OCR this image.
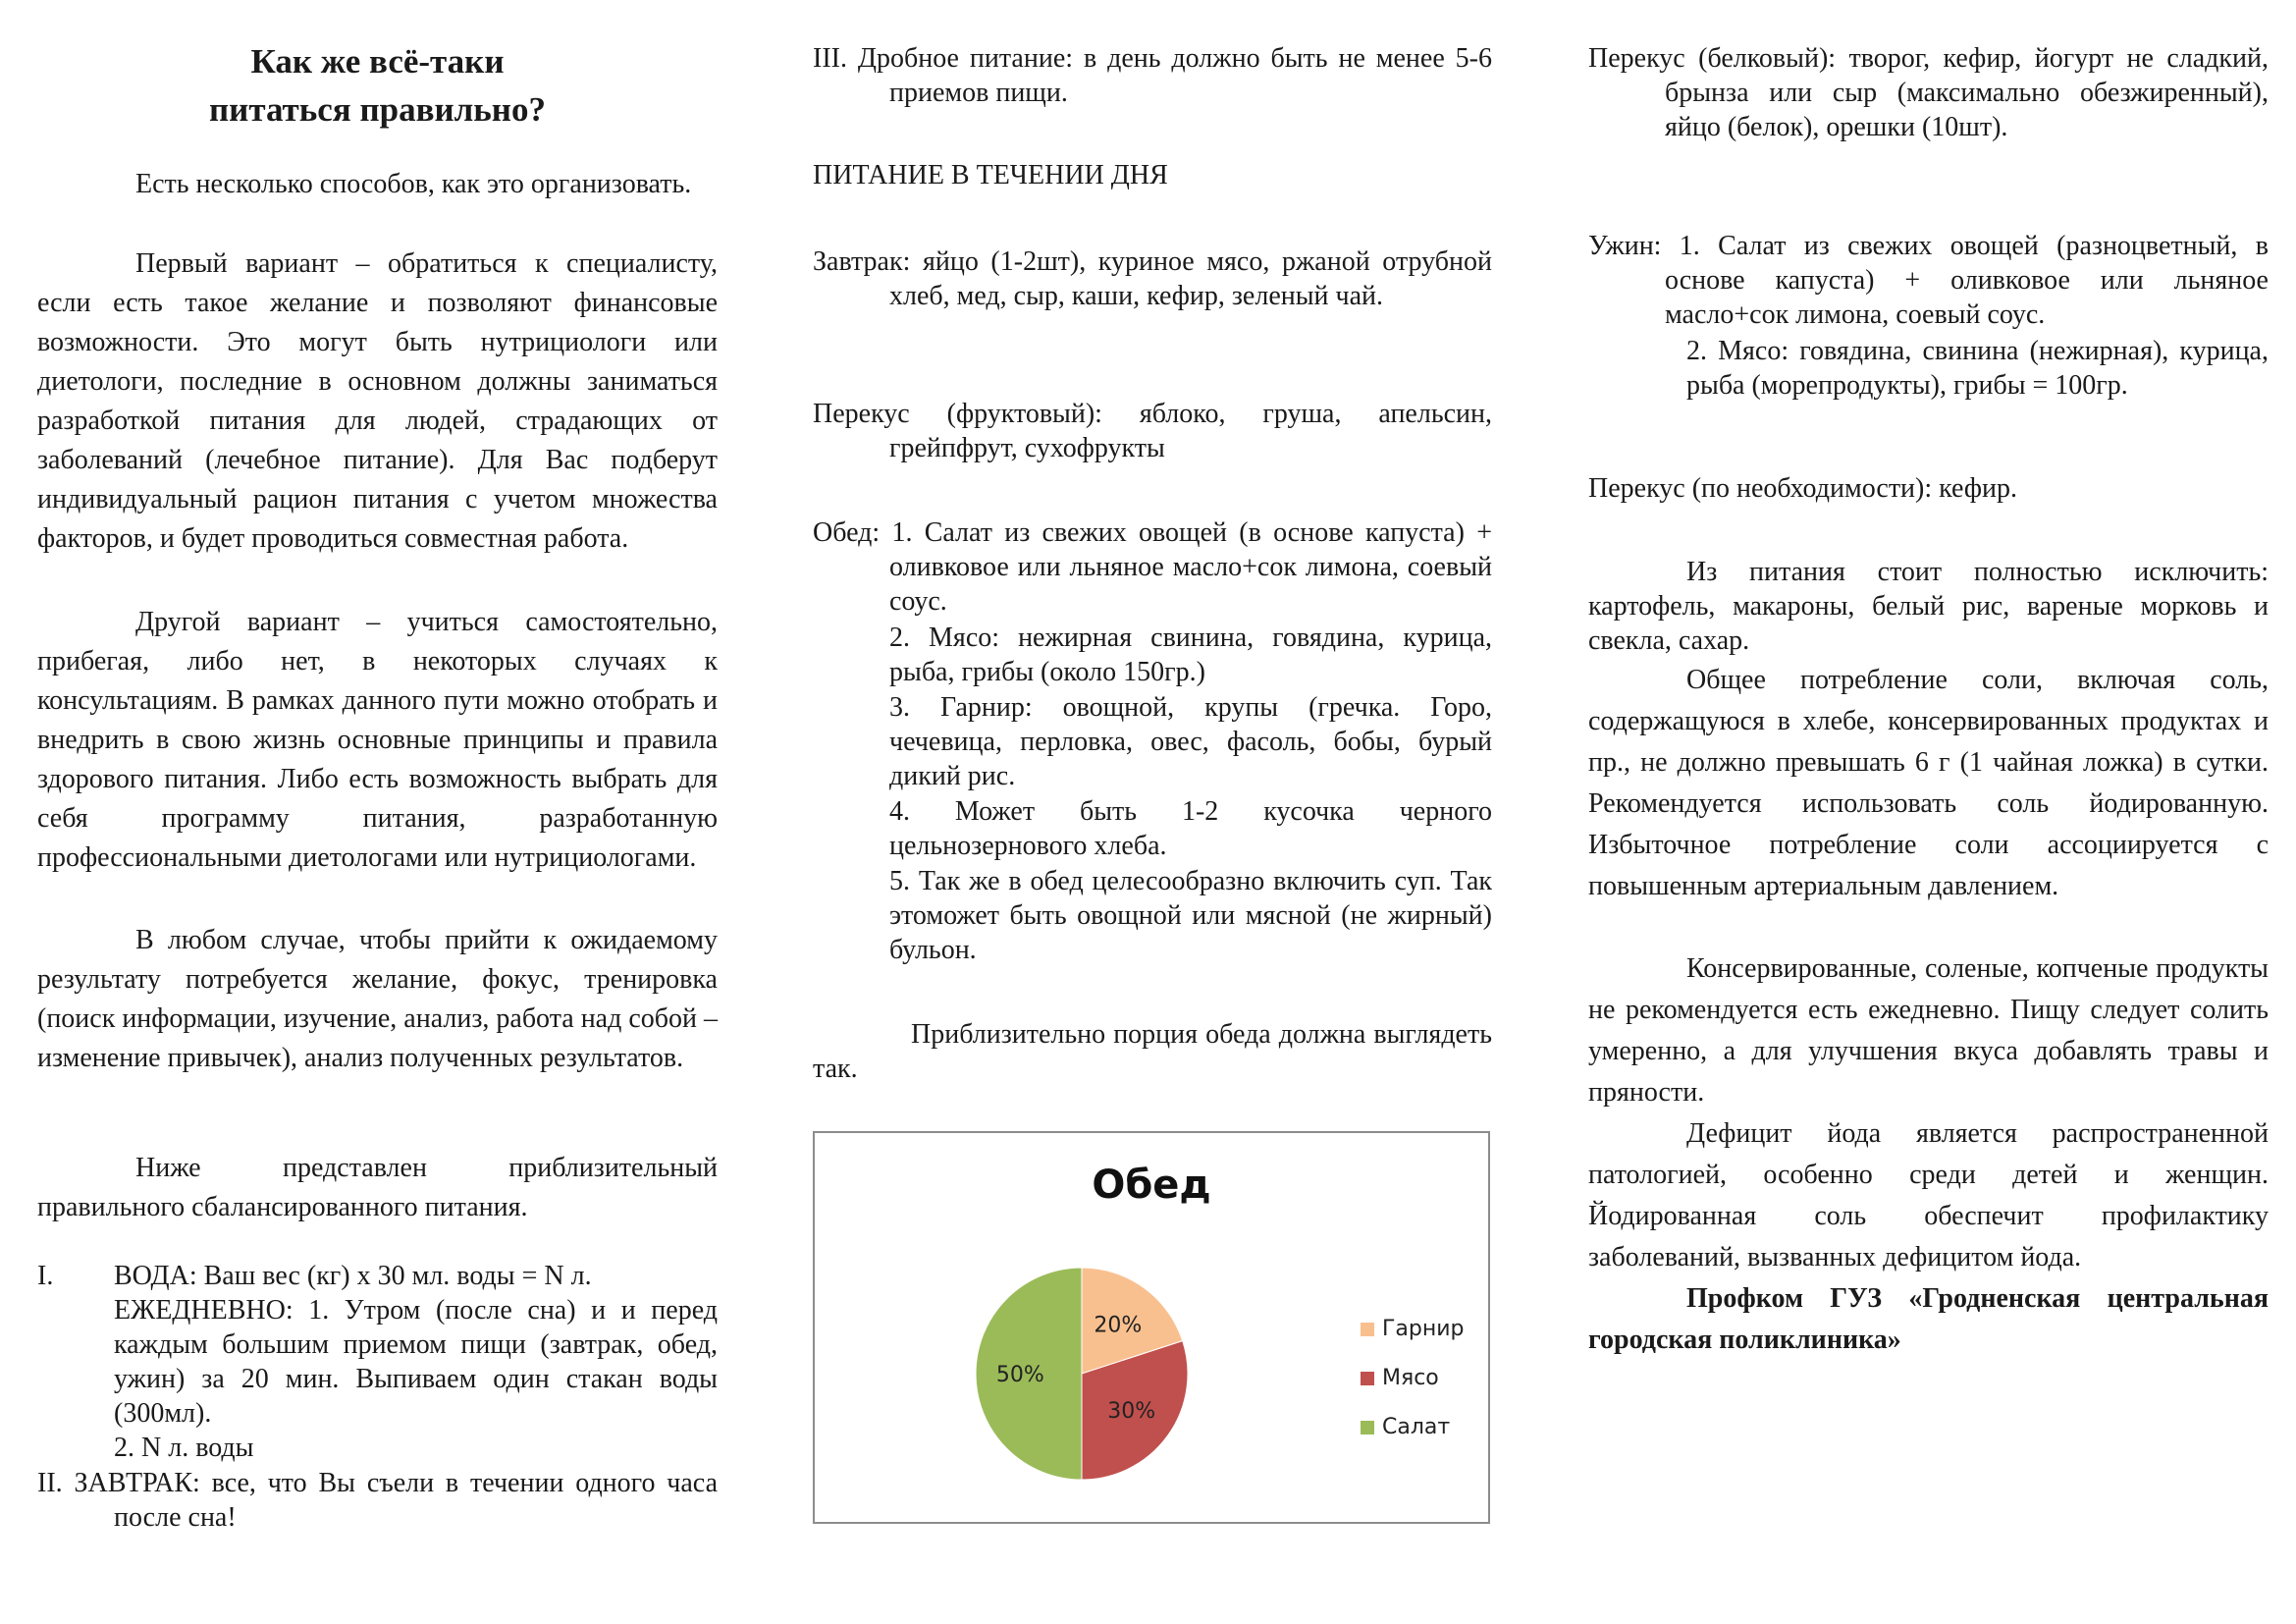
Как же всё-таки
питаться правильно?

Есть несколько способов, как это организовать.

Первый вариант – обратиться к специалисту, если есть такое желание и позволяют финансовые возможности. Это могут быть нутрициологи или диетологи, последние в основном должны заниматься разработкой питания для людей, страдающих от заболеваний (лечебное питание). Для Вас подберут индивидуальный рацион питания с учетом множества факторов, и будет проводиться совместная работа.

Другой вариант – учиться самостоятельно, прибегая, либо нет, в некоторых случаях к консультациям. В рамках данного пути можно отобрать и внедрить в свою жизнь основные принципы и правила здорового питания. Либо есть возможность выбрать для себя программу питания, разработанную профессиональными диетологами или нутрициологами.

В любом случае, чтобы прийти к ожидаемому результату потребуется желание, фокус, тренировка (поиск информации, изучение, анализ, работа над собой – изменение привычек), анализ полученных результатов.

Ниже представлен приблизительный правильного сбалансированного питания.

I. ВОДА: Ваш вес (кг) х 30 мл. воды = N л.
ЕЖЕДНЕВНО: 1. Утром (после сна) и и перед каждым большим приемом пищи (завтрак, обед, ужин) за 20 мин. Выпиваем один стакан воды (300мл).
2. N л. воды
II. ЗАВТРАК: все, что Вы съели в течении одного часа после сна!
III. Дробное питание: в день должно быть не менее 5-6 приемов пищи.
ПИТАНИЕ В ТЕЧЕНИИ ДНЯ
Завтрак: яйцо (1-2шт), куриное мясо, ржаной отрубной хлеб, мед, сыр, каши, кефир, зеленый чай.
Перекус (фруктовый): яблоко, груша, апельсин, грейпфрут, сухофрукты
Обед: 1. Салат из свежих овощей (в основе капуста) + оливковое или льняное масло+сок лимона, соевый соус.
2. Мясо: нежирная свинина, говядина, курица, рыба, грибы (около 150гр.)
3. Гарнир: овощной, крупы (гречка. Горо, чечевица, перловка, овес, фасоль, бобы, бурый дикий рис.
4. Может быть 1-2 кусочка черного цельнозернового хлеба.
5. Так же в обед целесообразно включить суп. Так этоможет быть овощной или мясной (не жирный) бульон.
Приблизительно порция обеда должна выглядеть так.
Обед
20%
30%
50%
Гарнир
Мясо
Салат
Перекус (белковый): творог, кефир, йогурт не сладкий, брынза или сыр (максимально обезжиренный), яйцо (белок), орешки (10шт).
Ужин: 1. Салат из свежих овощей (разноцветный, в основе капуста) + оливковое или льняное масло+сок лимона, соевый соус.
2. Мясо: говядина, свинина (нежирная), курица, рыба (морепродукты), грибы = 100гр.
Перекус (по необходимости): кефир.
Из питания стоит полностью исключить: картофель, макароны, белый рис, вареные морковь и свекла, сахар.

Общее потребление соли, включая соль, содержащуюся в хлебе, консервированных продуктах и пр., не должно превышать 6 г (1 чайная ложка) в сутки. Рекомендуется использовать соль йодированную. Избыточное потребление соли ассоциируется с повышенным артериальным давлением.

Консервированные, соленые, копченые продукты не рекомендуется есть ежедневно. Пищу следует солить умеренно, а для улучшения вкуса добавлять травы и пряности.

Дефицит йода является распространенной патологией, особенно среди детей и женщин. Йодированная соль обеспечит профилактику заболеваний, вызванных дефицитом йода.

Профком ГУЗ «Гродненская центральная городская поликлиника»
